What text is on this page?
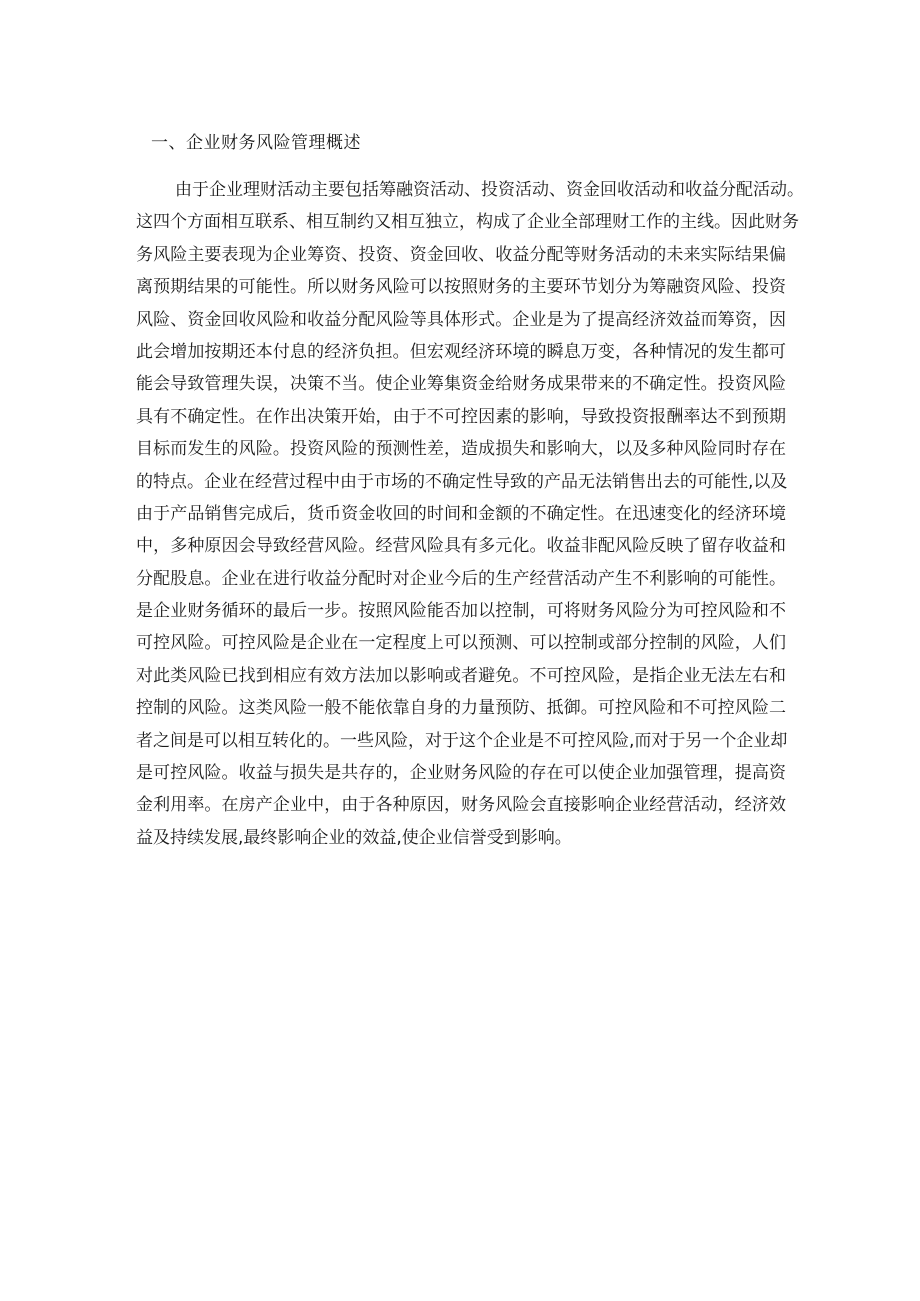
一、企业财务风险管理概述
由于企业理财活动主要包括筹融资活动、投资活动、资金回收活动和收益分配活动。
这四个方面相互联系、相互制约又相互独立，构成了企业全部理财工作的主线。因此财务
务风险主要表现为企业筹资、投资、资金回收、收益分配等财务活动的未来实际结果偏
离预期结果的可能性。所以财务风险可以按照财务的主要环节划分为筹融资风险、投资
风险、资金回收风险和收益分配风险等具体形式。企业是为了提高经济效益而筹资，因
此会增加按期还本付息的经济负担。但宏观经济环境的瞬息万变，各种情况的发生都可
能会导致管理失误，决策不当。使企业筹集资金给财务成果带来的不确定性。投资风险
具有不确定性。在作出决策开始，由于不可控因素的影响，导致投资报酬率达不到预期
目标而发生的风险。投资风险的预测性差，造成损失和影响大，以及多种风险同时存在
的特点。企业在经营过程中由于市场的不确定性导致的产品无法销售出去的可能性,以及
由于产品销售完成后，货币资金收回的时间和金额的不确定性。在迅速变化的经济环境
中，多种原因会导致经营风险。经营风险具有多元化。收益非配风险反映了留存收益和
分配股息。企业在进行收益分配时对企业今后的生产经营活动产生不利影响的可能性。
是企业财务循环的最后一步。按照风险能否加以控制，可将财务风险分为可控风险和不
可控风险。可控风险是企业在一定程度上可以预测、可以控制或部分控制的风险，人们
对此类风险已找到相应有效方法加以影响或者避免。不可控风险，是指企业无法左右和
控制的风险。这类风险一般不能依靠自身的力量预防、抵御。可控风险和不可控风险二
者之间是可以相互转化的。一些风险，对于这个企业是不可控风险,而对于另一个企业却
是可控风险。收益与损失是共存的，企业财务风险的存在可以使企业加强管理，提高资
金利用率。在房产企业中，由于各种原因，财务风险会直接影响企业经营活动，经济效
益及持续发展,最终影响企业的效益,使企业信誉受到影响。
